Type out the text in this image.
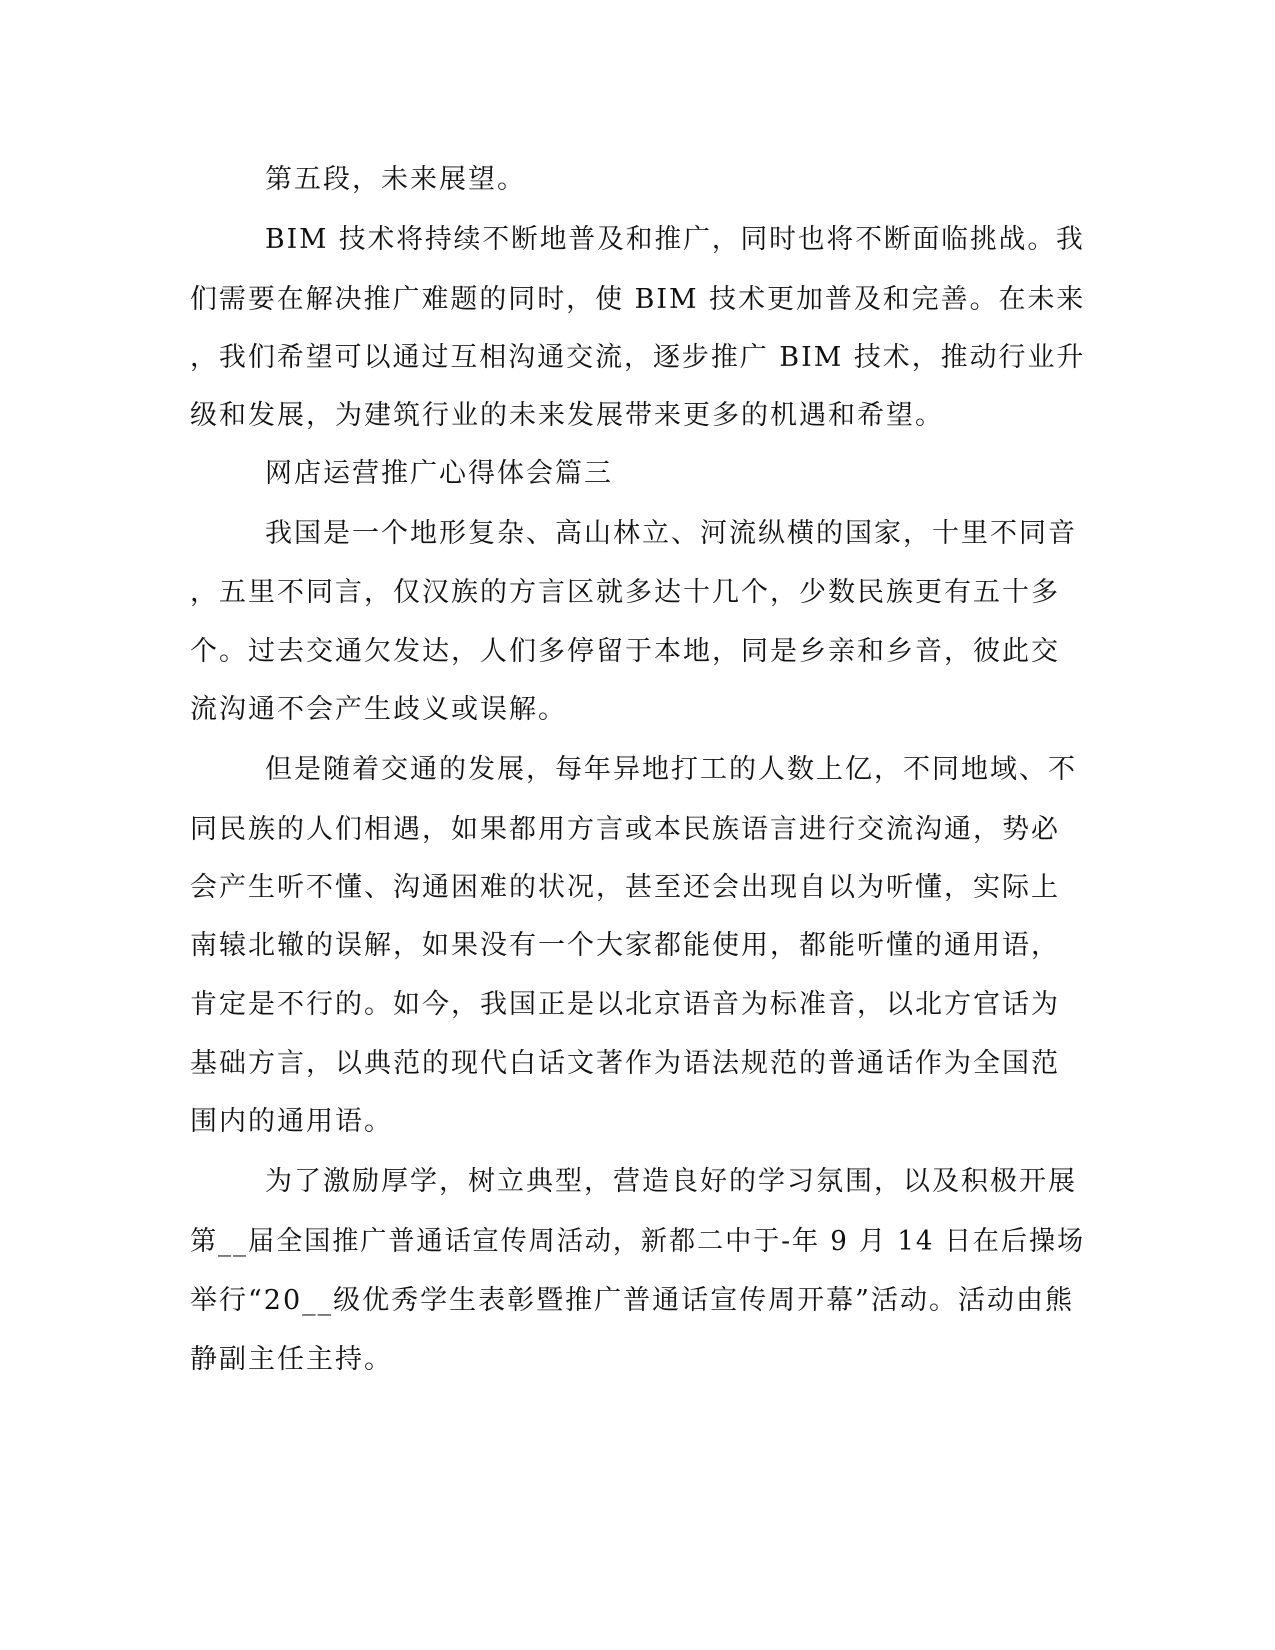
第五段，未来展望。

BIM 技术将持续不断地普及和推广，同时也将不断面临挑战。我

们需要在解决推广难题的同时，使 BIM 技术更加普及和完善。在未来

，我们希望可以通过互相沟通交流，逐步推广 BIM 技术，推动行业升

级和发展，为建筑行业的未来发展带来更多的机遇和希望。

网店运营推广心得体会篇三

我国是一个地形复杂、高山林立、河流纵横的国家，十里不同音

，五里不同言，仅汉族的方言区就多达十几个，少数民族更有五十多

个。过去交通欠发达，人们多停留于本地，同是乡亲和乡音，彼此交

流沟通不会产生歧义或误解。

但是随着交通的发展，每年异地打工的人数上亿，不同地域、不

同民族的人们相遇，如果都用方言或本民族语言进行交流沟通，势必

会产生听不懂、沟通困难的状况，甚至还会出现自以为听懂，实际上

南辕北辙的误解，如果没有一个大家都能使用，都能听懂的通用语，

肯定是不行的。如今，我国正是以北京语音为标准音，以北方官话为

基础方言，以典范的现代白话文著作为语法规范的普通话作为全国范

围内的通用语。

为了激励厚学，树立典型，营造良好的学习氛围，以及积极开展

第__届全国推广普通话宣传周活动，新都二中于-年 9 月 14 日在后操场

举行“20__级优秀学生表彰暨推广普通话宣传周开幕”活动。活动由熊

静副主任主持。
